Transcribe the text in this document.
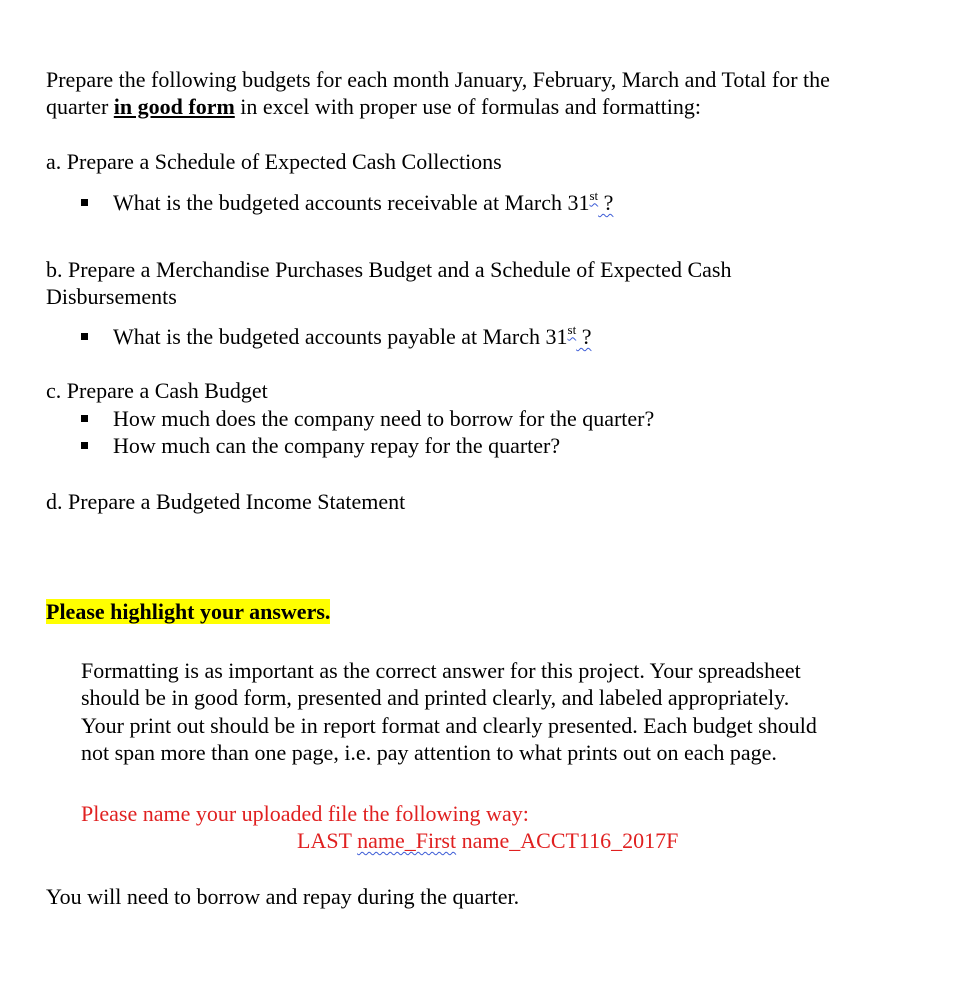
Prepare the following budgets for each month January, February, March and Total for the
quarter in good form in excel with proper use of formulas and formatting:
a. Prepare a Schedule of Expected Cash Collections
What is the budgeted accounts receivable at March 31st ?
b. Prepare a Merchandise Purchases Budget and a Schedule of Expected Cash
Disbursements
What is the budgeted accounts payable at March 31st ?
c. Prepare a Cash Budget
How much does the company need to borrow for the quarter?
How much can the company repay for the quarter?
d. Prepare a Budgeted Income Statement
Please highlight your answers.
Formatting is as important as the correct answer for this project. Your spreadsheet
should be in good form, presented and printed clearly, and labeled appropriately.
Your print out should be in report format and clearly presented. Each budget should
not span more than one page, i.e. pay attention to what prints out on each page.
Please name your uploaded file the following way:
LAST name_First name_ACCT116_2017F
You will need to borrow and repay during the quarter.
